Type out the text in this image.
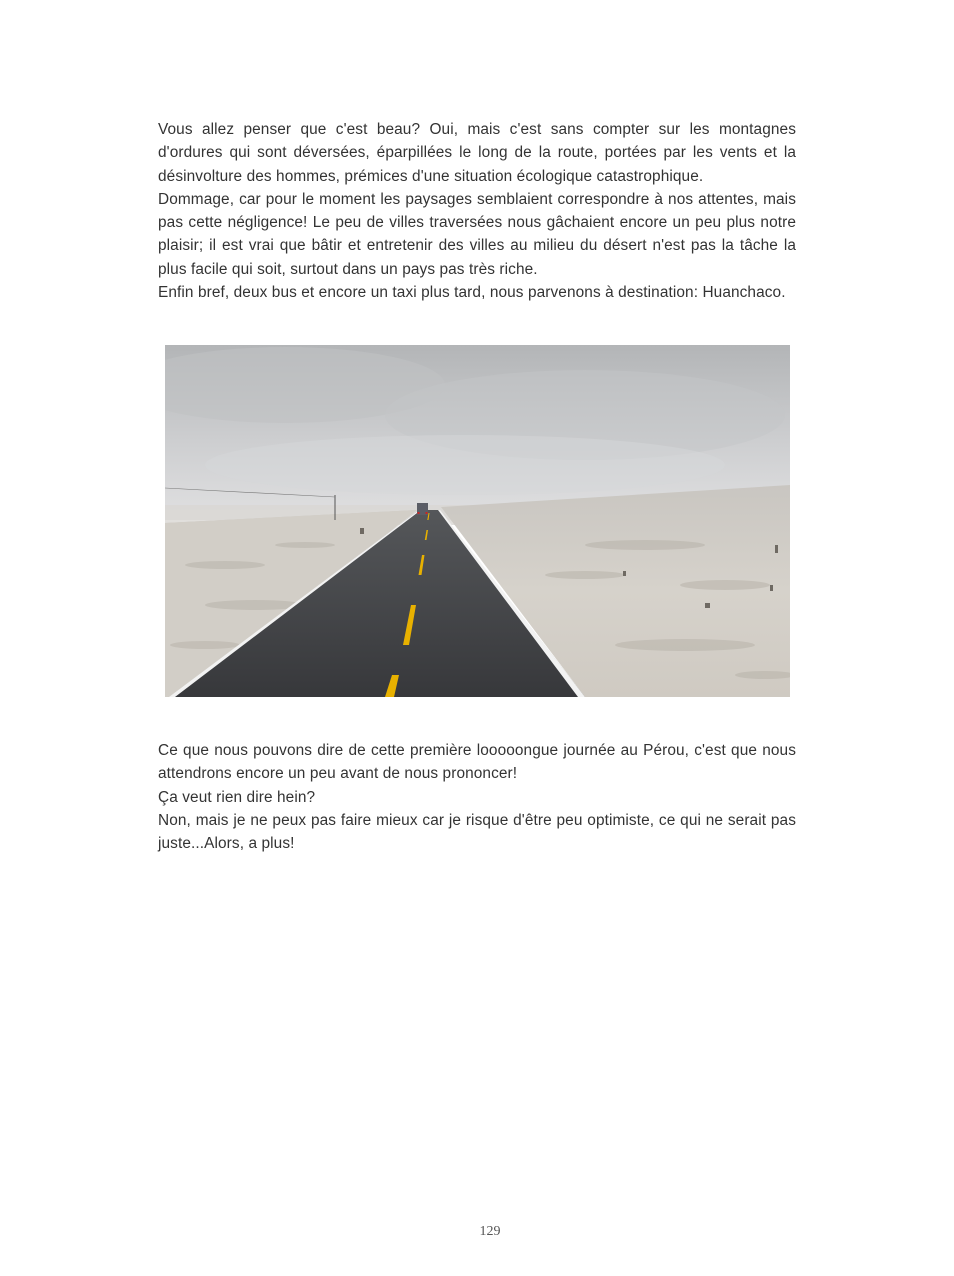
Vous allez penser que c'est beau? Oui, mais c'est sans compter sur les montagnes d'ordures qui sont déversées, éparpillées le long de la route, portées par les vents et la désinvolture des hommes, prémices d'une situation écologique catastrophique.

Dommage, car pour le moment les paysages semblaient correspondre à nos attentes, mais pas cette négligence! Le peu de villes traversées nous gâchaient encore un peu plus notre plaisir; il est vrai que bâtir et entretenir des villes au milieu du désert n'est pas la tâche la plus facile qui soit, surtout dans un pays pas très riche.

Enfin bref, deux bus et encore un taxi plus tard, nous parvenons à destination: Huanchaco.

Ce que nous pouvons dire de cette première looooongue journée au Pérou, c'est que nous attendrons encore un peu avant de nous prononcer!

Ça veut rien dire hein?

Non, mais je ne peux pas faire mieux car je risque d'être peu optimiste, ce qui ne serait pas juste...Alors, a plus!

129
